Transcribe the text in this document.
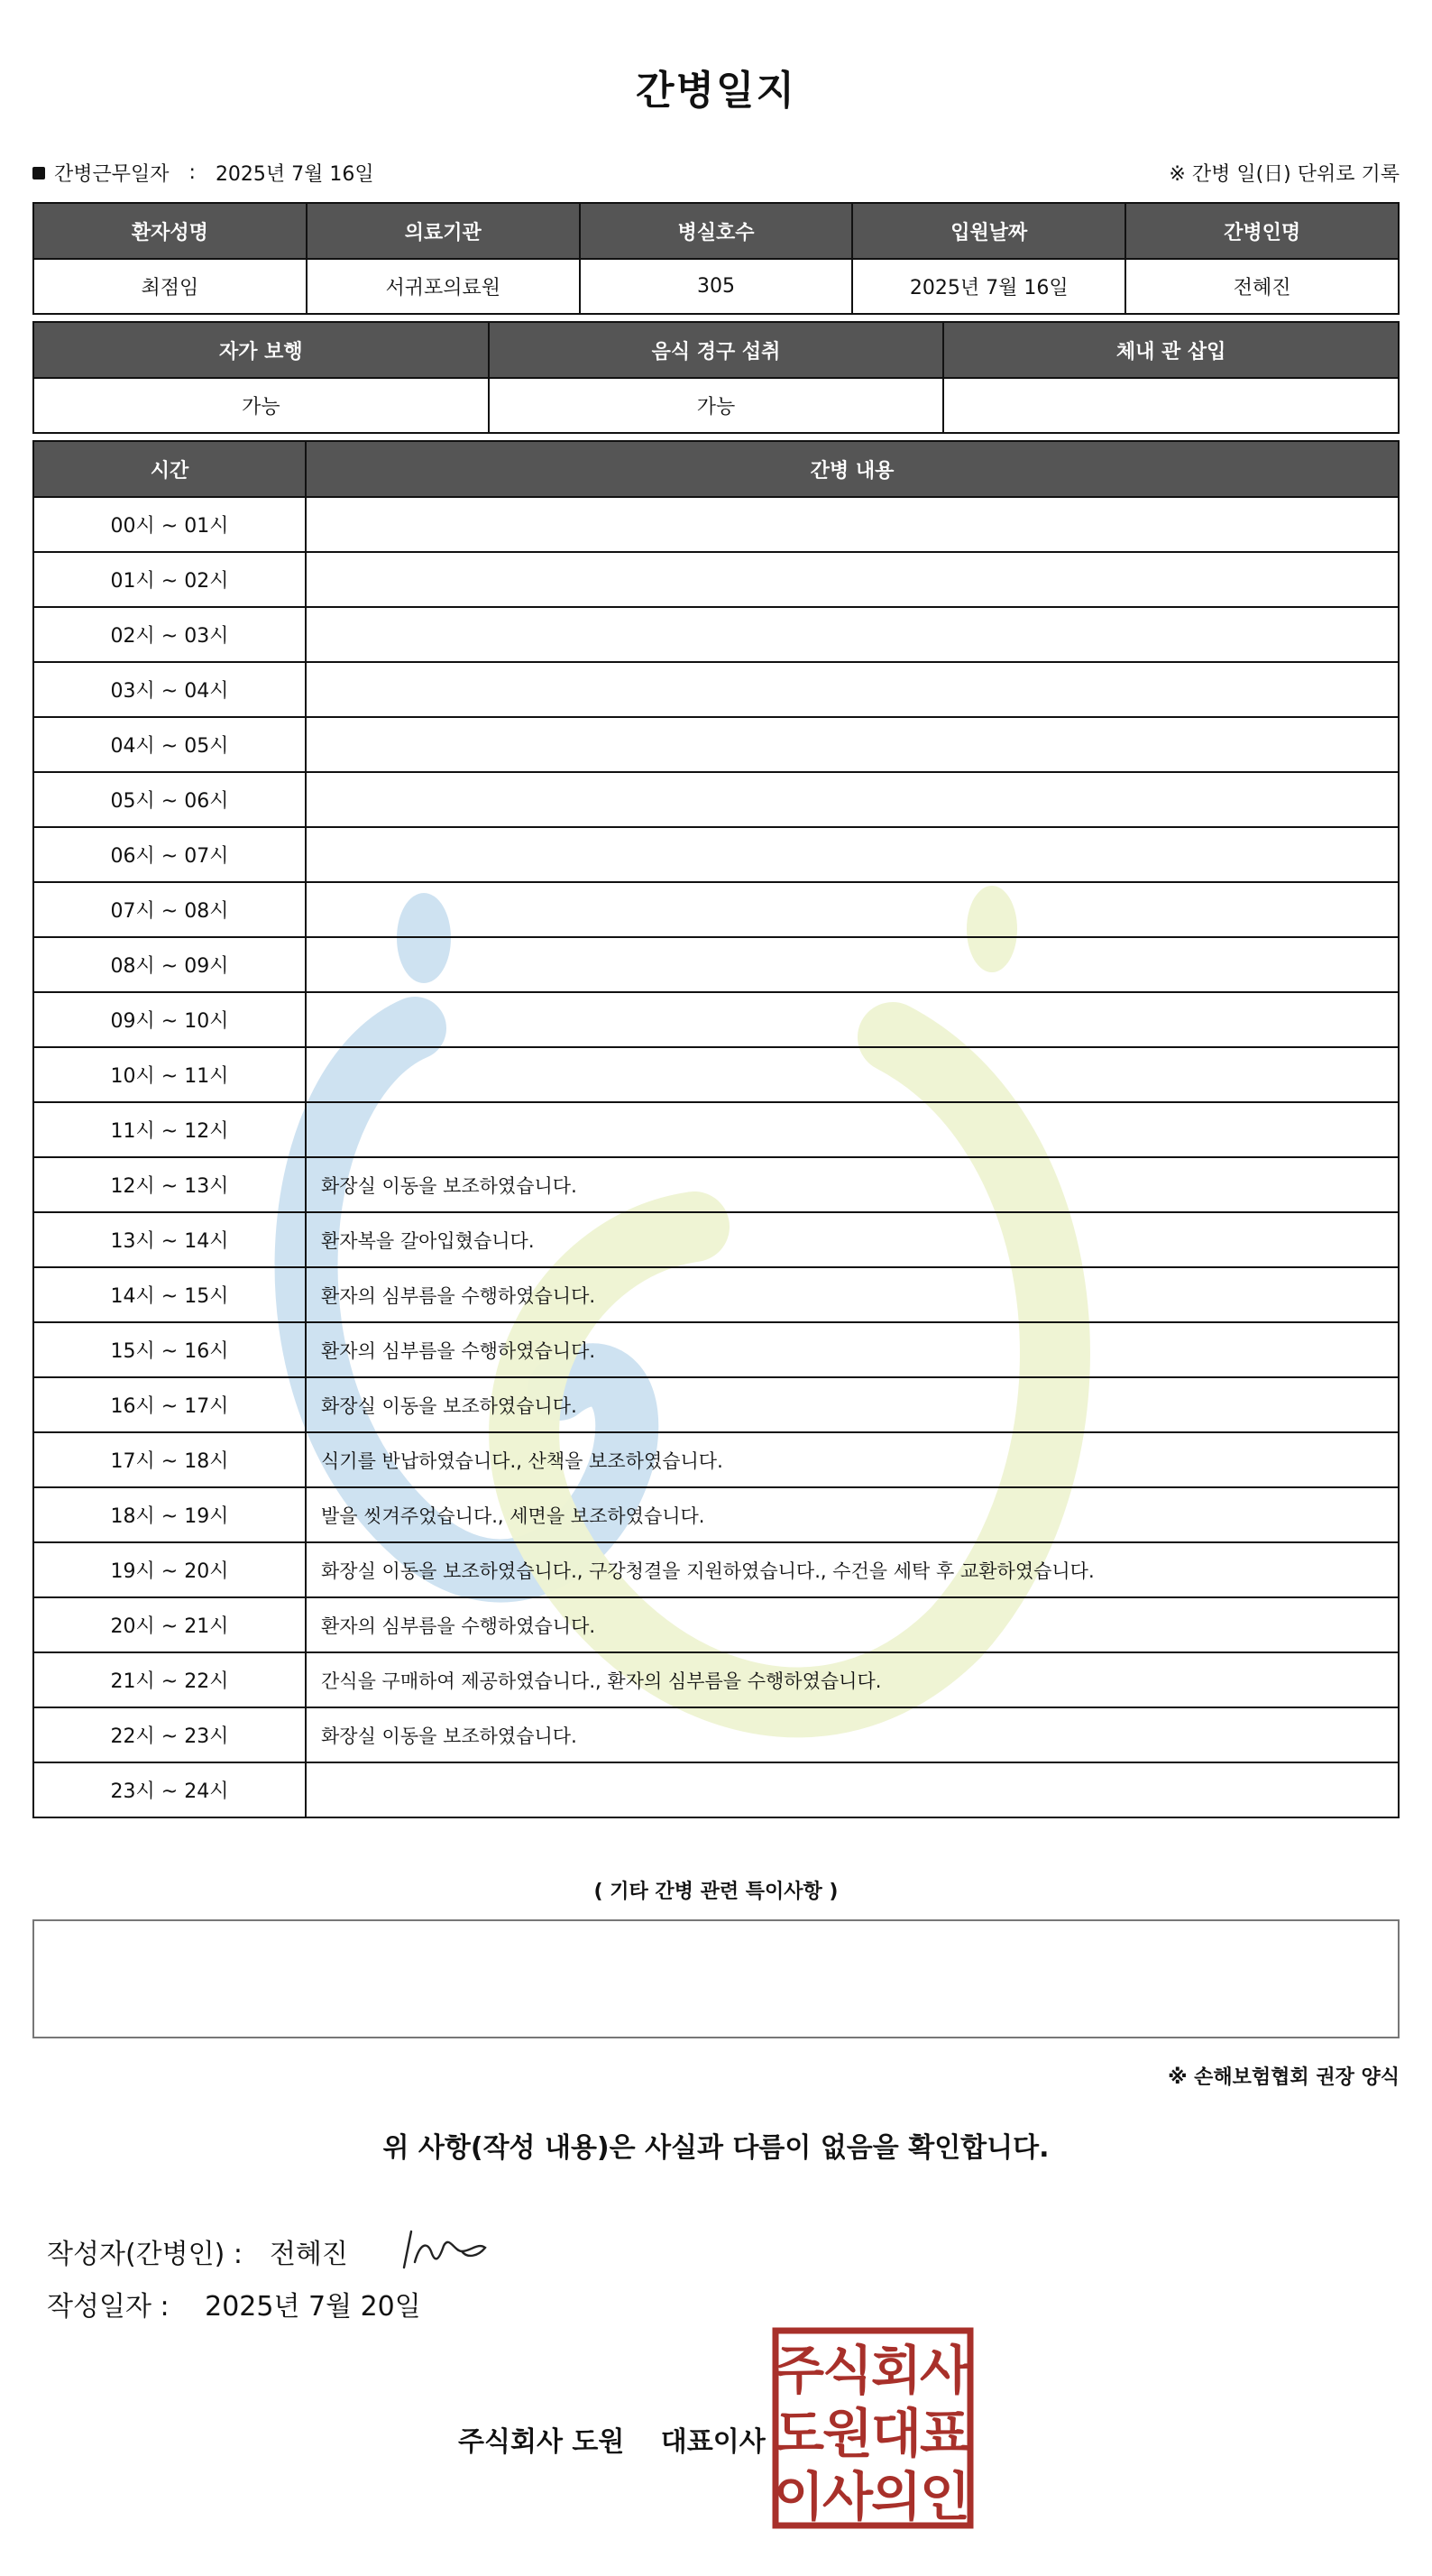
간병일지
간병근무일자 : 2025년 7월 16일	※ 간병 일(日) 단위로 기록
환자성명	의료기관	병실호수	입원날짜	간병인명
최점임	서귀포의료원	305	2025년 7월 16일	전혜진
자가 보행	음식 경구 섭취	체내 관 삽입
가능	가능	
시간	간병 내용
00시 ~ 01시	
01시 ~ 02시	
02시 ~ 03시	
03시 ~ 04시	
04시 ~ 05시	
05시 ~ 06시	
06시 ~ 07시	
07시 ~ 08시	
08시 ~ 09시	
09시 ~ 10시	
10시 ~ 11시	
11시 ~ 12시	
12시 ~ 13시	화장실 이동을 보조하였습니다.
13시 ~ 14시	환자복을 갈아입혔습니다.
14시 ~ 15시	환자의 심부름을 수행하였습니다.
15시 ~ 16시	환자의 심부름을 수행하였습니다.
16시 ~ 17시	화장실 이동을 보조하였습니다.
17시 ~ 18시	식기를 반납하였습니다., 산책을 보조하였습니다.
18시 ~ 19시	발을 씻겨주었습니다., 세면을 보조하였습니다.
19시 ~ 20시	화장실 이동을 보조하였습니다., 구강청결을 지원하였습니다., 수건을 세탁 후 교환하였습니다.
20시 ~ 21시	환자의 심부름을 수행하였습니다.
21시 ~ 22시	간식을 구매하여 제공하였습니다., 환자의 심부름을 수행하였습니다.
22시 ~ 23시	화장실 이동을 보조하였습니다.
23시 ~ 24시	
( 기타 간병 관련 특이사항 )
※ 손해보험협회 권장 양식
위 사항(작성 내용)은 사실과 다름이 없음을 확인합니다.
작성자(간병인) : 전혜진
작성일자 : 2025년 7월 20일
주식회사 도원 대표이사
주
식
회
사
도
원
대
표
이
사
의
인
